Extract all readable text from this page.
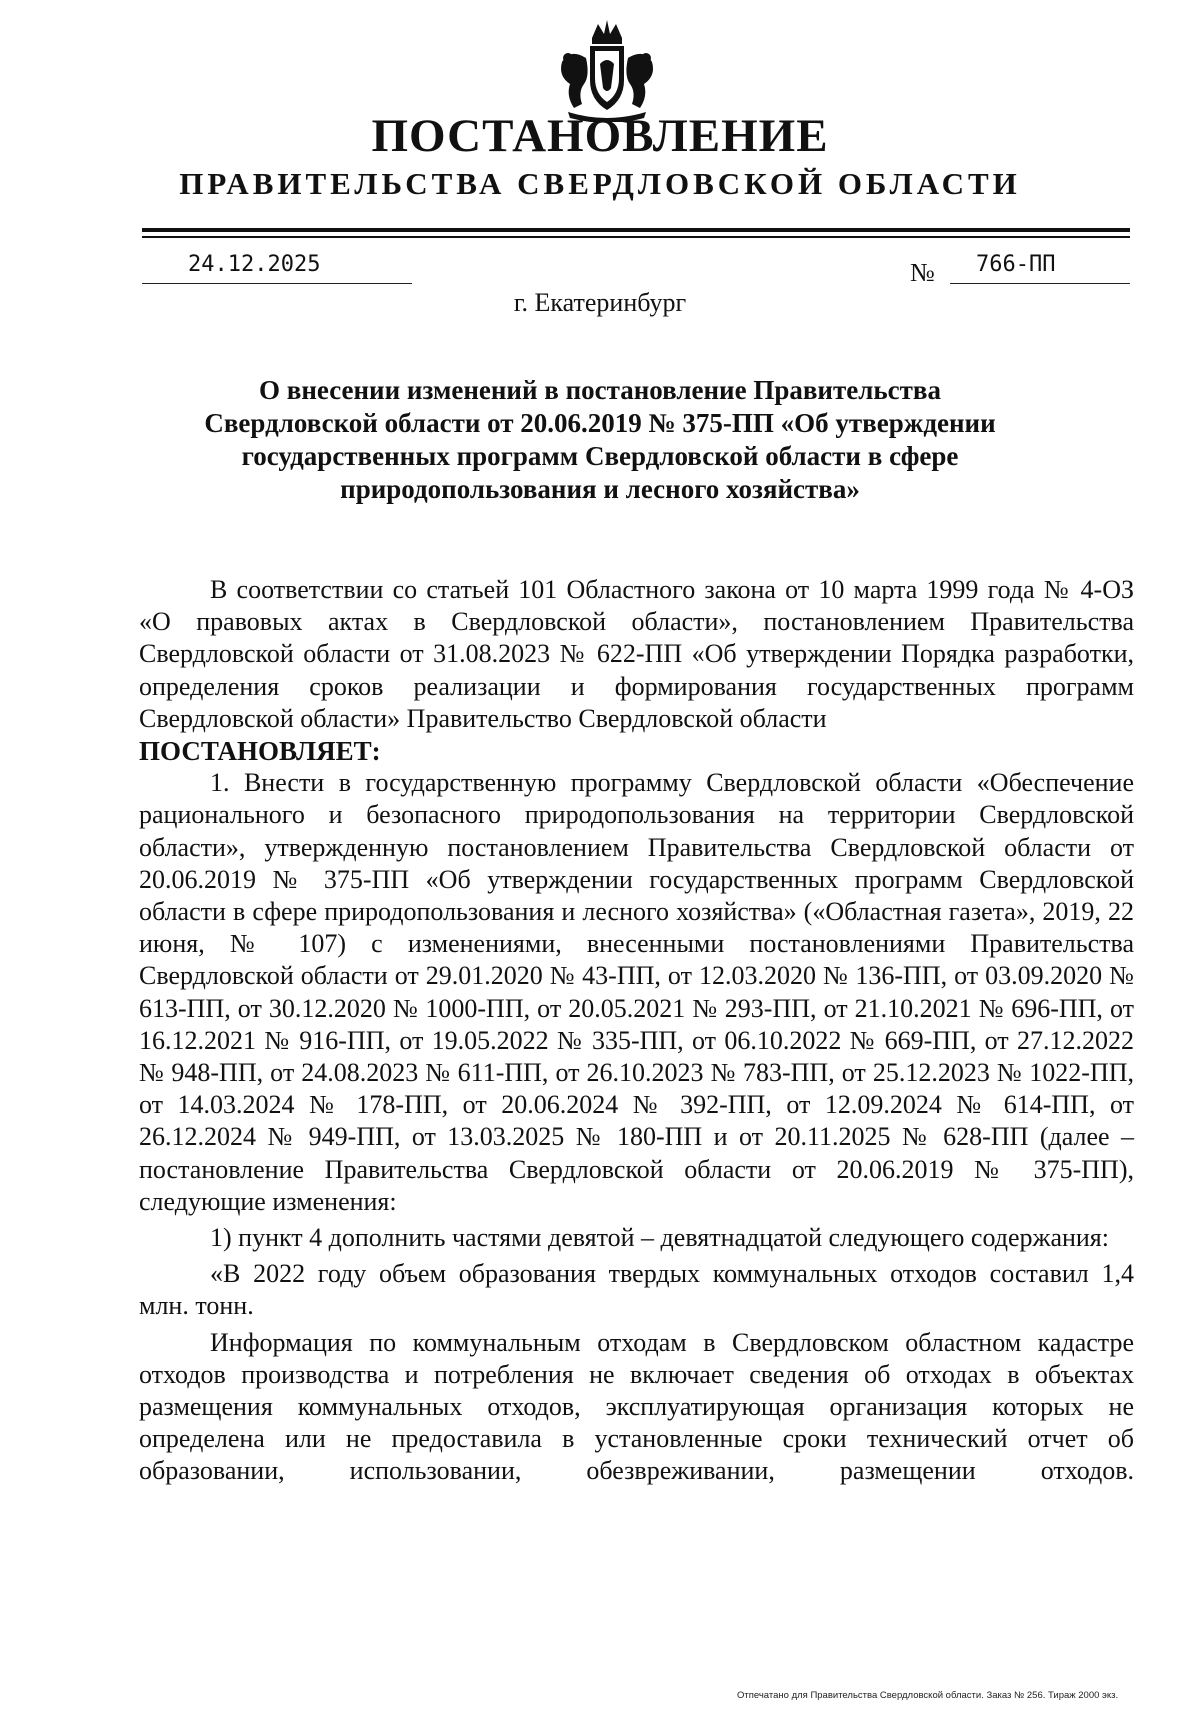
ПОСТАНОВЛЕНИЕ
ПРАВИТЕЛЬСТВА СВЕРДЛОВСКОЙ ОБЛАСТИ
24.12.2025	№	766-ПП
г. Екатеринбург
О внесении изменений в постановление Правительства
Свердловской области от 20.06.2019 № 375-ПП «Об утверждении
государственных программ Свердловской области в сфере
природопользования и лесного хозяйства»

В соответствии со статьей 101 Областного закона от 10 марта 1999 года № 4-ОЗ «О правовых актах в Свердловской области», постановлением Правительства Свердловской области от 31.08.2023 № 622-ПП «Об утверждении Порядка разработки, определения сроков реализации и формирования государственных программ Свердловской области» Правительство Свердловской области

ПОСТАНОВЛЯЕТ:

1. Внести в государственную программу Свердловской области «Обеспечение рационального и безопасного природопользования на территории Свердловской области», утвержденную постановлением Правительства Свердловской области от 20.06.2019 № 375-ПП «Об утверждении государственных программ Свердловской области в сфере природопользования и лесного хозяйства» («Областная газета», 2019, 22 июня, № 107) с изменениями, внесенными постановлениями Правительства Свердловской области от 29.01.2020 № 43-ПП, от 12.03.2020 № 136-ПП, от 03.09.2020 № 613-ПП, от 30.12.2020 № 1000-ПП, от 20.05.2021 № 293-ПП, от 21.10.2021 № 696-ПП, от 16.12.2021 № 916-ПП, от 19.05.2022 № 335-ПП, от 06.10.2022 № 669-ПП, от 27.12.2022 № 948-ПП, от 24.08.2023 № 611-ПП, от 26.10.2023 № 783-ПП, от 25.12.2023 № 1022-ПП, от 14.03.2024 № 178-ПП, от 20.06.2024 № 392-ПП, от 12.09.2024 № 614-ПП, от 26.12.2024 № 949-ПП, от 13.03.2025 № 180-ПП и от 20.11.2025 № 628-ПП (далее – постановление Правительства Свердловской области от 20.06.2019 № 375-ПП), следующие изменения:

1) пункт 4 дополнить частями девятой – девятнадцатой следующего содержания:

«В 2022 году объем образования твердых коммунальных отходов составил 1,4 млн. тонн.

Информация по коммунальным отходам в Свердловском областном кадастре отходов производства и потребления не включает сведения об отходах в объектах размещения коммунальных отходов, эксплуатирующая организация которых не определена или не предоставила в установленные сроки технический отчет об образовании, использовании, обезвреживании, размещении отходов.

Отпечатано для Правительства Свердловской области. Заказ № 256. Тираж 2000 экз.
